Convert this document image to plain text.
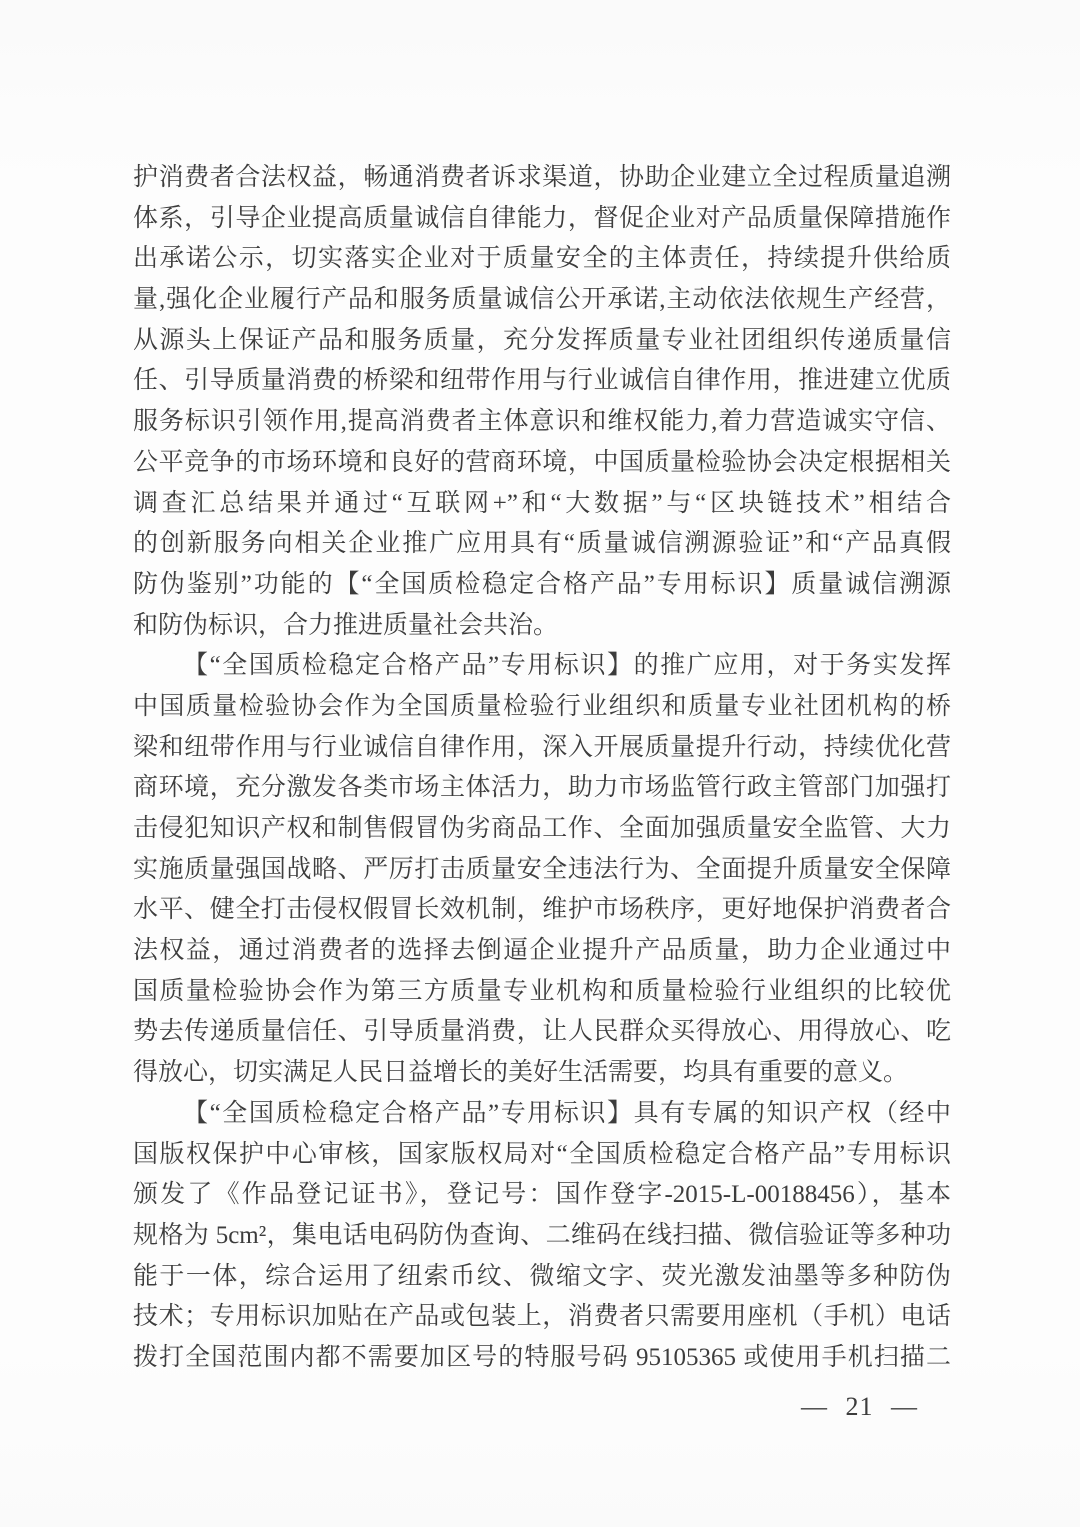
护消费者合法权益，畅通消费者诉求渠道，协助企业建立全过程质量追溯
体系，引导企业提高质量诚信自律能力，督促企业对产品质量保障措施作
出承诺公示，切实落实企业对于质量安全的主体责任，持续提升供给质
量,强化企业履行产品和服务质量诚信公开承诺,主动依法依规生产经营，
从源头上保证产品和服务质量，充分发挥质量专业社团组织传递质量信
任、引导质量消费的桥梁和纽带作用与行业诚信自律作用，推进建立优质
服务标识引领作用,提高消费者主体意识和维权能力,着力营造诚实守信、
公平竞争的市场环境和良好的营商环境，中国质量检验协会决定根据相关
调查汇总结果并通过“互联网+”和“大数据”与“区块链技术”相结合
的创新服务向相关企业推广应用具有“质量诚信溯源验证”和“产品真假
防伪鉴别”功能的【“全国质检稳定合格产品”专用标识】质量诚信溯源
和防伪标识，合力推进质量社会共治。
【“全国质检稳定合格产品”专用标识】的推广应用，对于务实发挥
中国质量检验协会作为全国质量检验行业组织和质量专业社团机构的桥
梁和纽带作用与行业诚信自律作用，深入开展质量提升行动，持续优化营
商环境，充分激发各类市场主体活力，助力市场监管行政主管部门加强打
击侵犯知识产权和制售假冒伪劣商品工作、全面加强质量安全监管、大力
实施质量强国战略、严厉打击质量安全违法行为、全面提升质量安全保障
水平、健全打击侵权假冒长效机制，维护市场秩序，更好地保护消费者合
法权益，通过消费者的选择去倒逼企业提升产品质量，助力企业通过中
国质量检验协会作为第三方质量专业机构和质量检验行业组织的比较优
势去传递质量信任、引导质量消费，让人民群众买得放心、用得放心、吃
得放心，切实满足人民日益增长的美好生活需要，均具有重要的意义。
【“全国质检稳定合格产品”专用标识】具有专属的知识产权（经中
国版权保护中心审核，国家版权局对“全国质检稳定合格产品”专用标识
颁发了《作品登记证书》，登记号：国作登字-2015-L-00188456），基本
规格为 5cm²，集电话电码防伪查询、二维码在线扫描、微信验证等多种功
能于一体，综合运用了纽索币纹、微缩文字、荧光激发油墨等多种防伪
技术；专用标识加贴在产品或包装上，消费者只需要用座机（手机）电话
拨打全国范围内都不需要加区号的特服号码 95105365 或使用手机扫描二
— 21 —
